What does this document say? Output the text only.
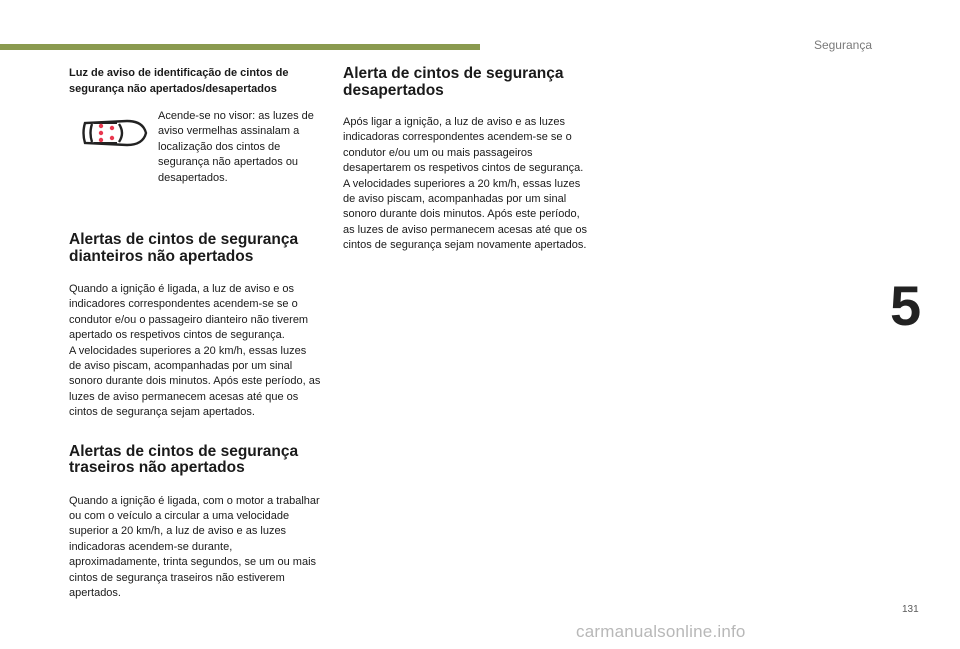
Segurança
5

Luz de aviso de identificação de cintos de segurança não apertados/desapertados

Acende-se no visor: as luzes de aviso vermelhas assinalam a localização dos cintos de segurança não apertados ou desapertados.

Alertas de cintos de segurança dianteiros não apertados

Quando a ignição é ligada, a luz de aviso e os indicadores correspondentes acendem-se se o condutor e/ou o passageiro dianteiro não tiverem apertado os respetivos cintos de segurança.
A velocidades superiores a 20 km/h, essas luzes de aviso piscam, acompanhadas por um sinal sonoro durante dois minutos. Após este período, as luzes de aviso permanecem acesas até que os cintos de segurança sejam apertados.

Alertas de cintos de segurança traseiros não apertados

Quando a ignição é ligada, com o motor a trabalhar ou com o veículo a circular a uma velocidade superior a 20 km/h, a luz de aviso e as luzes indicadoras acendem-se durante, aproximadamente, trinta segundos, se um ou mais cintos de segurança traseiros não estiverem apertados.

Alerta de cintos de segurança desapertados

Após ligar a ignição, a luz de aviso e as luzes indicadoras correspondentes acendem-se se o condutor e/ou um ou mais passageiros desapertarem os respetivos cintos de segurança.
A velocidades superiores a 20 km/h, essas luzes de aviso piscam, acompanhadas por um sinal sonoro durante dois minutos. Após este período, as luzes de aviso permanecem acesas até que os cintos de segurança sejam novamente apertados.

131
carmanualsonline.info
